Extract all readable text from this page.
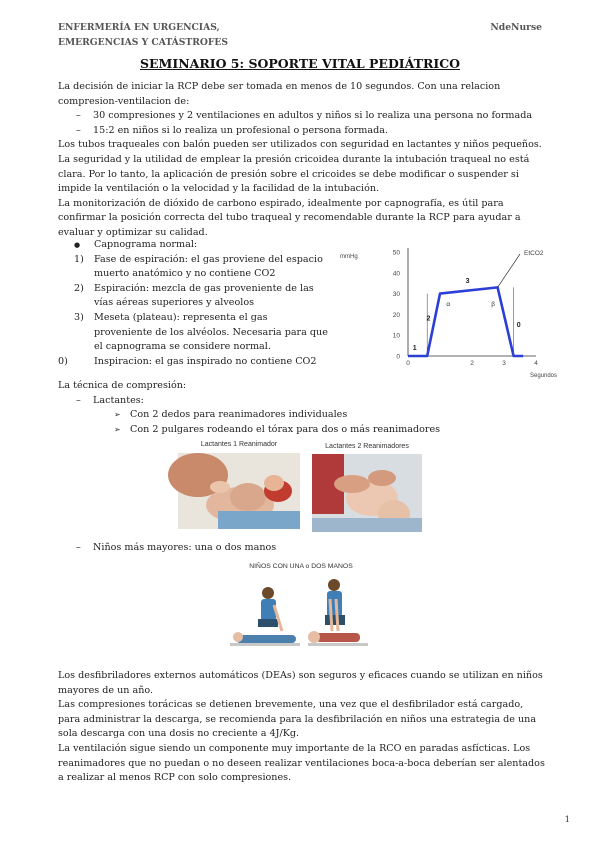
ENFERMERÍA EN URGENCIAS,
EMERGENCIAS Y CATÁSTROFES
NdeNurse
SEMINARIO 5: SOPORTE VITAL PEDIÁTRICO

La decisión de iniciar la RCP debe ser tomada en menos de 10 segundos. Con una relacion compresion-ventilacion de:

– 30 compresiones y 2 ventilaciones en adultos y niños si lo realiza una persona no formada

– 15:2 en niños si lo realiza un profesional o persona formada.

Los tubos traqueales con balón pueden ser utilizados con seguridad en lactantes y niños pequeños.

La seguridad y la utilidad de emplear la presión cricoidea durante la intubación traqueal no está clara. Por lo tanto, la aplicación de presión sobre el cricoides se debe modificar o suspender si impide la ventilación o la velocidad y la facilidad de la intubación.

La monitorización de dióxido de carbono espirado, idealmente por capnografía, es útil para confirmar la posición correcta del tubo traqueal y recomendable durante la RCP para ayudar a evaluar y optimizar su calidad.

● Capnograma normal:

1) Fase de espiración: el gas proviene del espacio muerto anatómico y no contiene CO2

2) Espiración: mezcla de gas proveniente de las vías aéreas superiores y alveolos

3) Meseta (plateau): representa el gas proveniente de los alvéolos. Necesaria para que el capnograma se considere normal.

0)	Inspiracion: el gas inspirado no contiene CO2	0
10
20
30
40
50
0	2	3	4
mmHg
Segundos
EtCO2
1
2
3
0
α	β

La técnica de compresión:

– Lactantes:

➢ Con 2 dedos para reanimadores individuales

➢ Con 2 pulgares rodeando el tórax para dos o más reanimadores

Lactantes 1 Reanimador	Lactantes 2 Reanimadores

– Niños más mayores: una o dos manos

NIÑOS CON UNA o DOS MANOS

Los desfibriladores externos automáticos (DEAs) son seguros y eficaces cuando se utilizan en niños mayores de un año.

Las compresiones torácicas se detienen brevemente, una vez que el desfibrilador está cargado, para administrar la descarga, se recomienda para la desfibrilación en niños una estrategia de una sola descarga con una dosis no creciente a 4J/Kg.

La ventilación sigue siendo un componente muy importante de la RCO en paradas asfícticas. Los reanimadores que no puedan o no deseen realizar ventilaciones boca-a-boca deberían ser alentados a realizar al menos RCP con solo compresiones.

1
